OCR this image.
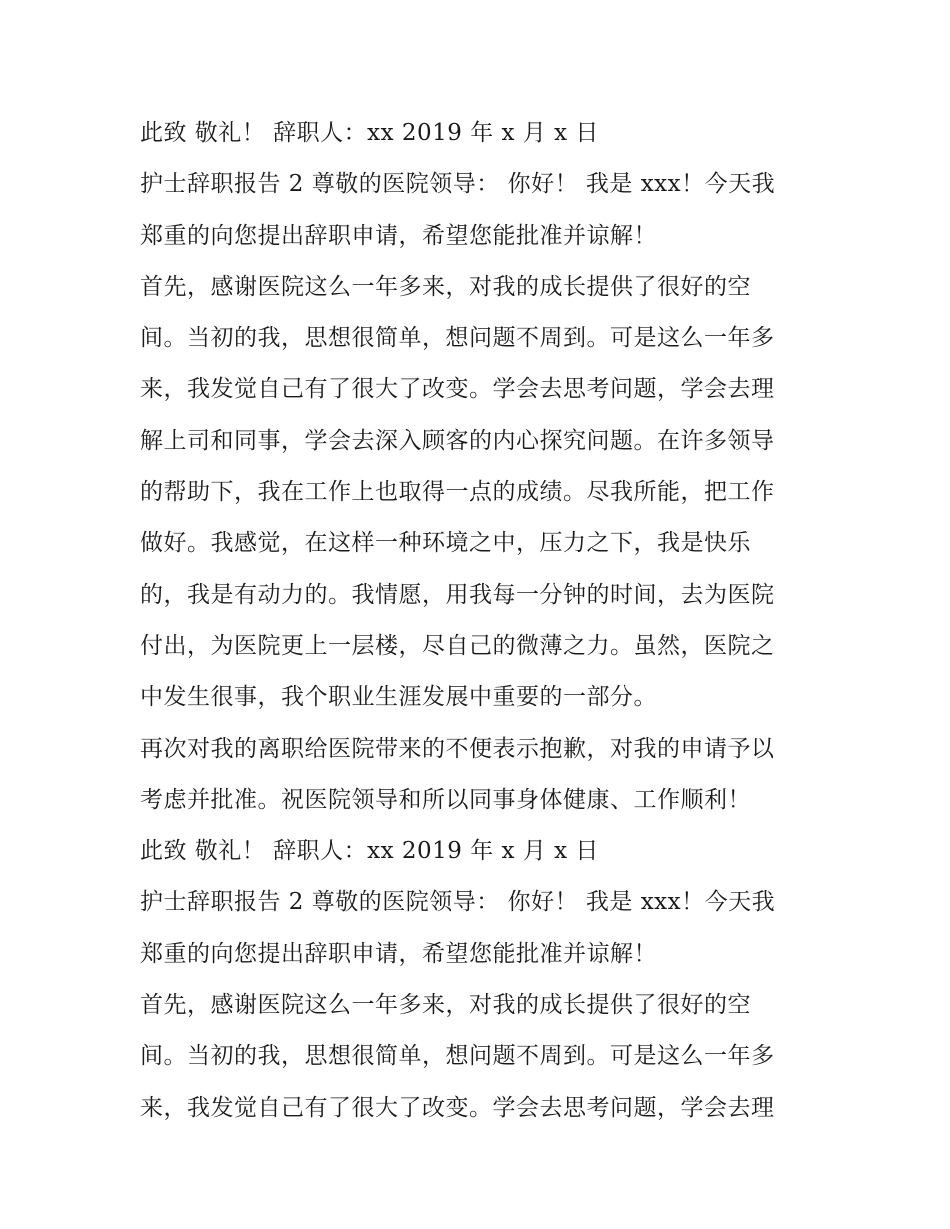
此致 敬礼！ 辞职人：xx 2019 年 x 月 x 日
护士辞职报告 2 尊敬的医院领导： 你好！ 我是 xxx！今天我
郑重的向您提出辞职申请，希望您能批准并谅解！
首先，感谢医院这么一年多来，对我的成长提供了很好的空
间。当初的我，思想很简单，想问题不周到。可是这么一年多
来，我发觉自己有了很大了改变。学会去思考问题，学会去理
解上司和同事，学会去深入顾客的内心探究问题。在许多领导
的帮助下，我在工作上也取得一点的成绩。尽我所能，把工作
做好。我感觉，在这样一种环境之中，压力之下，我是快乐
的，我是有动力的。我情愿，用我每一分钟的时间，去为医院
付出，为医院更上一层楼，尽自己的微薄之力。虽然，医院之
中发生很事，我个职业生涯发展中重要的一部分。
再次对我的离职给医院带来的不便表示抱歉，对我的申请予以
考虑并批准。祝医院领导和所以同事身体健康、工作顺利！
此致 敬礼！ 辞职人：xx 2019 年 x 月 x 日
护士辞职报告 2 尊敬的医院领导： 你好！ 我是 xxx！今天我
郑重的向您提出辞职申请，希望您能批准并谅解！
首先，感谢医院这么一年多来，对我的成长提供了很好的空
间。当初的我，思想很简单，想问题不周到。可是这么一年多
来，我发觉自己有了很大了改变。学会去思考问题，学会去理
